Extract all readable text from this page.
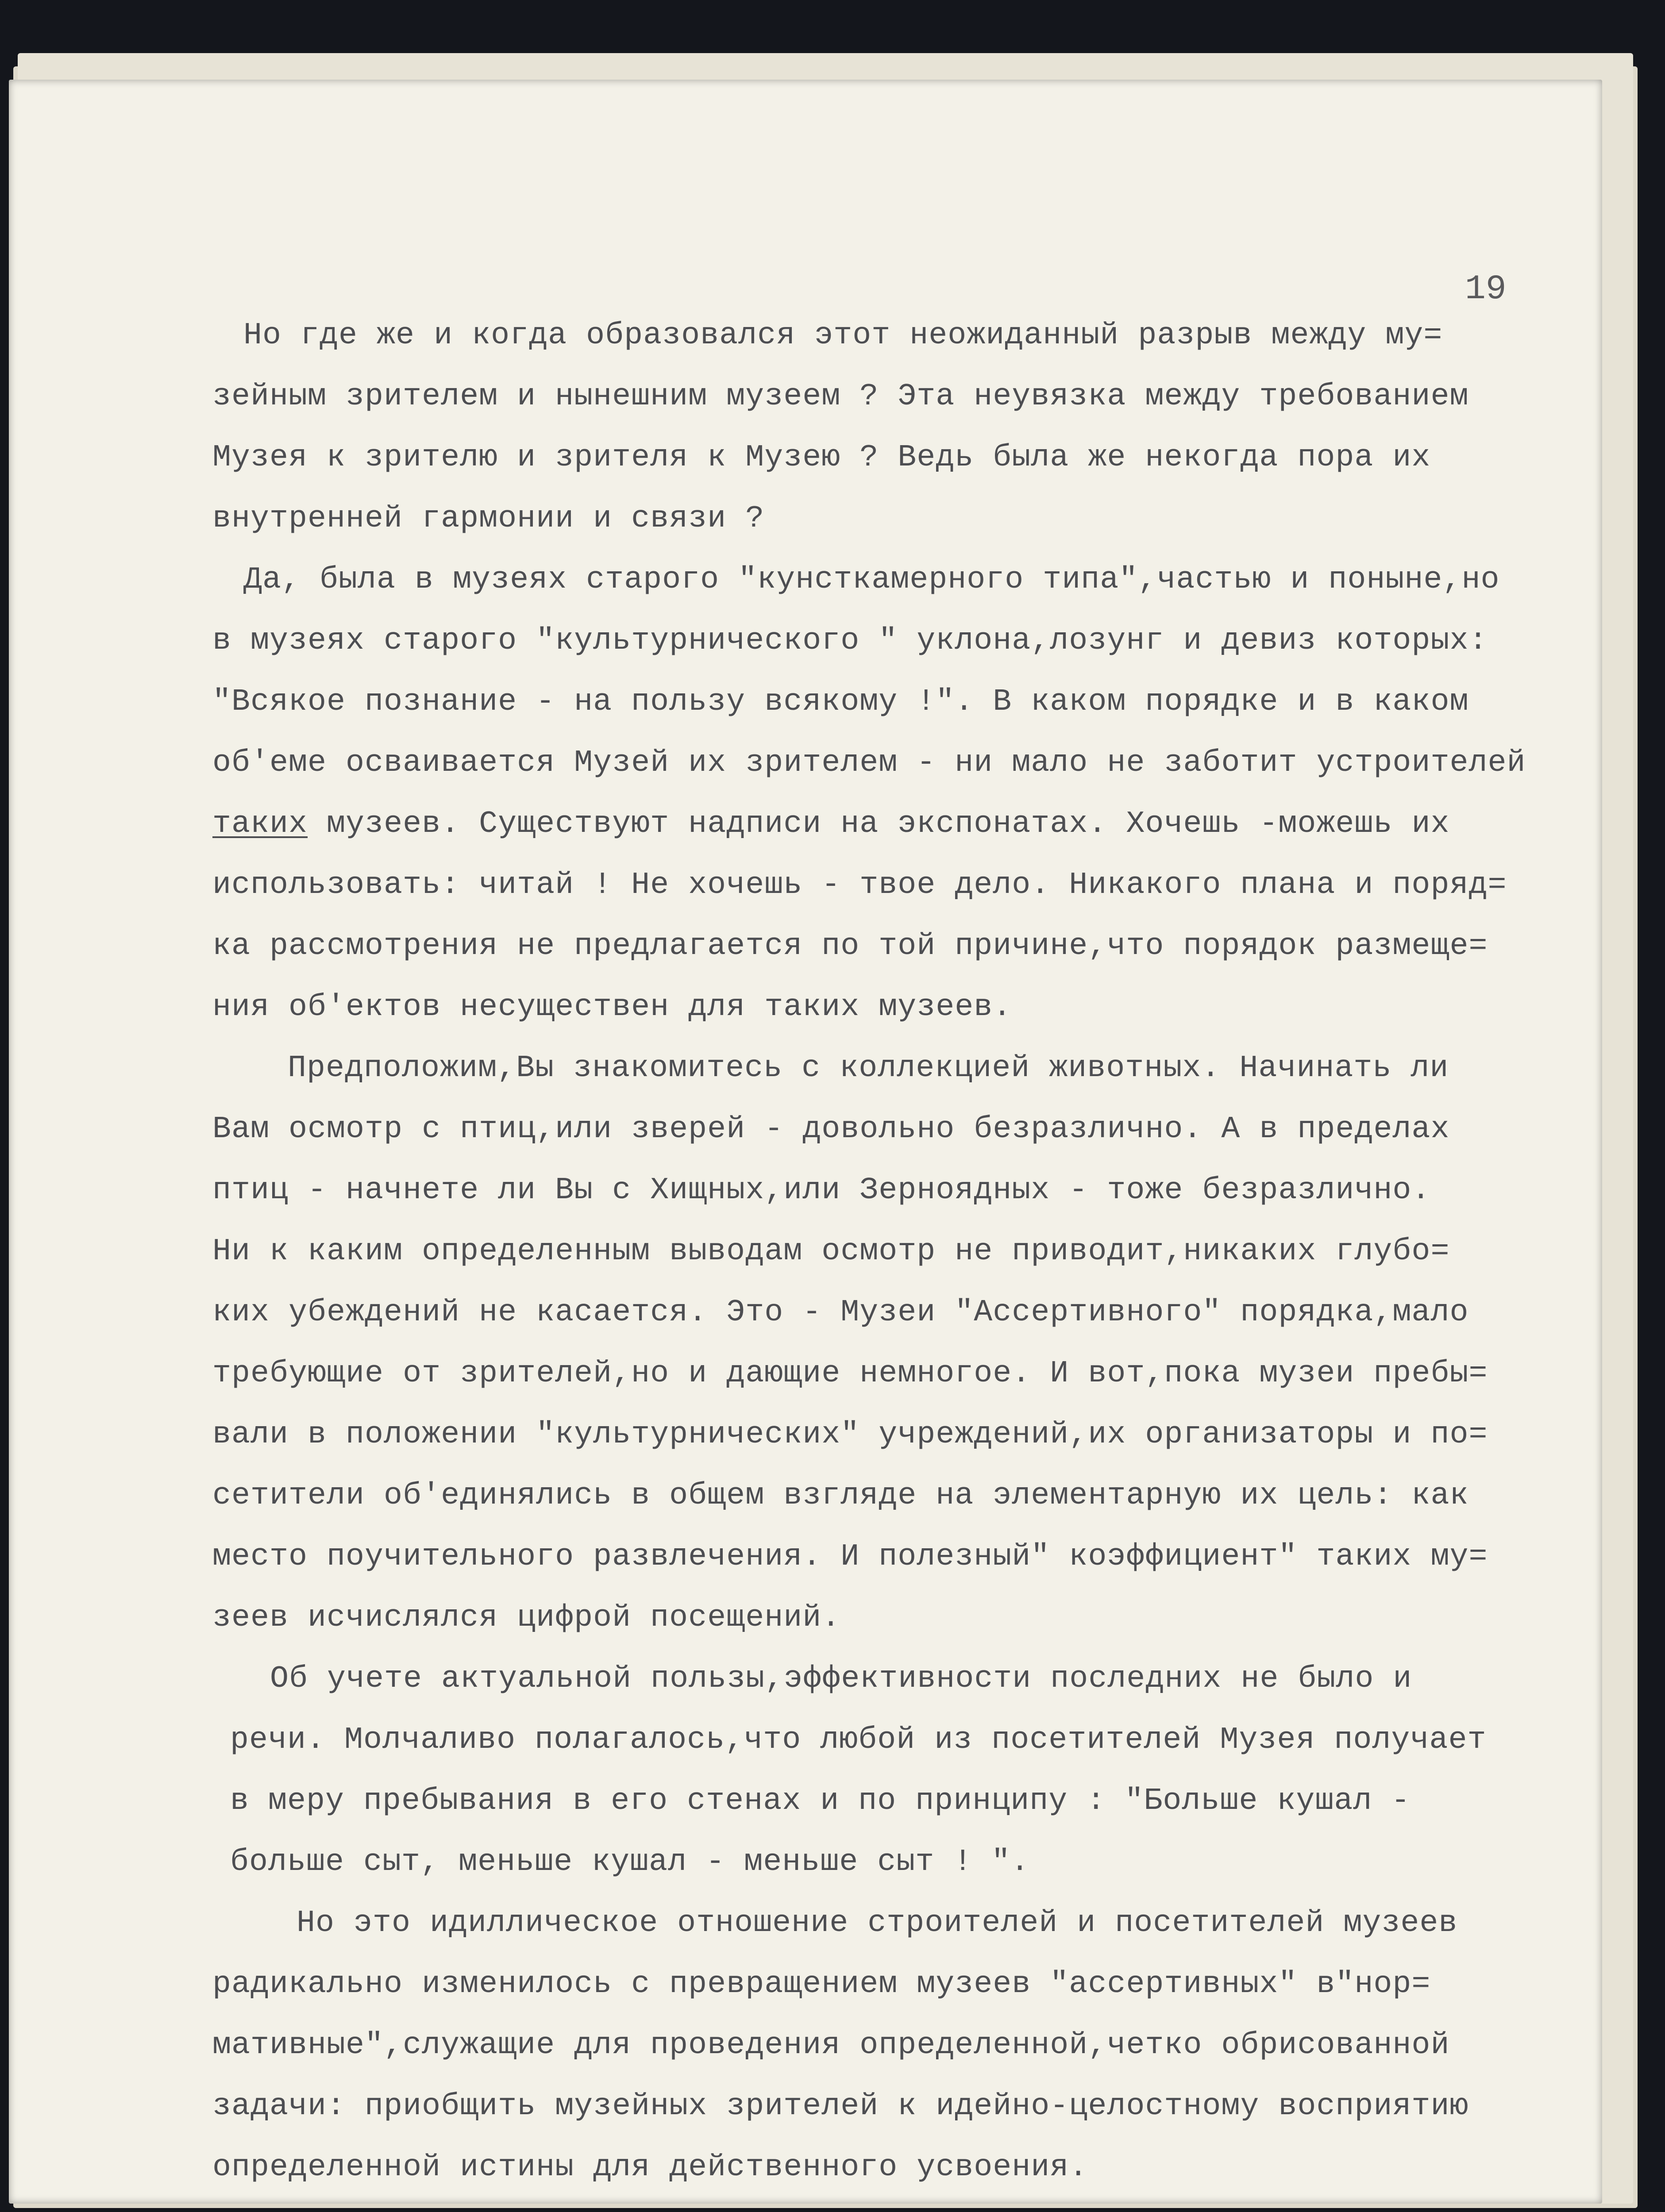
19

Но где же и когда образовался этот неожиданный разрыв между му=
зейным зрителем и нынешним музеем ? Эта неувязка между требованием
Музея к зрителю и зрителя к Музею ? Ведь была же некогда пора их
внутренней гармонии и связи ?
Да, была в музеях старого "кунсткамерного типа",частью и поныне,но
в музеях старого "культурнического " уклона,лозунг и девиз которых:
"Всякое познание - на пользу всякому !". В каком порядке и в каком
об'еме осваивается Музей их зрителем - ни мало не заботит устроителей
таких музеев. Существуют надписи на экспонатах. Хочешь -можешь их
использовать: читай ! Не хочешь - твое дело. Никакого плана и поряд=
ка рассмотрения не предлагается по той причине,что порядок размеще=
ния об'ектов несуществен для таких музеев.
Предположим,Вы знакомитесь с коллекцией животных. Начинать ли
Вам осмотр с птиц,или зверей - довольно безразлично. А в пределах
птиц - начнете ли Вы с Хищных,или Зерноядных - тоже безразлично.
Ни к каким определенным выводам осмотр не приводит,никаких глубо=
ких убеждений не касается. Это - Музеи "Ассертивного" порядка,мало
требующие от зрителей,но и дающие немногое. И вот,пока музеи пребы=
вали в положении "культурнических" учреждений,их организаторы и по=
сетители об'единялись в общем взгляде на элементарную их цель: как
место поучительного развлечения. И полезный" коэффициент" таких му=
зеев исчислялся цифрой посещений.
Об учете актуальной пользы,эффективности последних не было и
речи. Молчаливо полагалось,что любой из посетителей Музея получает
в меру пребывания в его стенах и по принципу : "Больше кушал -
больше сыт, меньше кушал - меньше сыт ! ".
Но это идиллическое отношение строителей и посетителей музеев
радикально изменилось с превращением музеев "ассертивных" в"нор=
мативные",служащие для проведения определенной,четко обрисованной
задачи: приобщить музейных зрителей к идейно-целостному восприятию
определенной истины для действенного усвоения.
